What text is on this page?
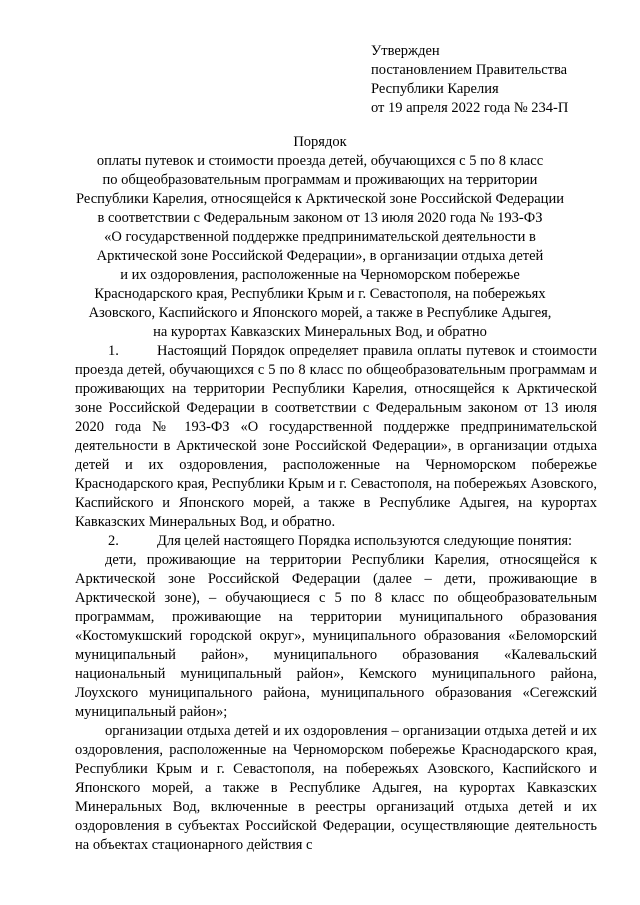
Утвержден
постановлением Правительства
Республики Карелия
от 19 апреля 2022 года № 234-П
Порядок
оплаты путевок и стоимости проезда детей, обучающихся с 5 по 8 класс
по общеобразовательным программам и проживающих на территории
Республики Карелия, относящейся к Арктической зоне Российской Федерации
в соответствии с Федеральным законом от 13 июля 2020 года № 193-ФЗ
«О государственной поддержке предпринимательской деятельности в
Арктической зоне Российской Федерации», в организации отдыха детей
и их оздоровления, расположенные на Черноморском побережье
Краснодарского края, Республики Крым и г. Севастополя, на побережьях
Азовского, Каспийского и Японского морей, а также в Республике Адыгея,
на курортах Кавказских Минеральных Вод, и обратно

1.	Настоящий Порядок определяет правила оплаты путевок и стоимости проезда детей, обучающихся с 5 по 8 класс по общеобразовательным программам и проживающих на территории Республики Карелия, относящейся к Арктической зоне Российской Федерации в соответствии с Федеральным законом от 13 июля 2020 года № 193-ФЗ «О государственной поддержке предпринимательской деятельности в Арктической зоне Российской Федерации», в организации отдыха детей и их оздоровления, расположенные на Черноморском побережье Краснодарского края, Республики Крым и г. Севастополя, на побережьях Азовского, Каспийского и Японского морей, а также в Республике Адыгея, на курортах Кавказских Минеральных Вод, и обратно.

2.	Для целей настоящего Порядка используются следующие понятия:

дети, проживающие на территории Республики Карелия, относящейся к Арктической зоне Российской Федерации (далее – дети, проживающие в Арктической зоне), – обучающиеся с 5 по 8 класс по общеобразовательным программам, проживающие на территории муниципального образования «Костомукшский городской округ», муниципального образования «Беломорский муниципальный район», муниципального образования «Калевальский национальный муниципальный район», Кемского муниципального района, Лоухского муниципального района, муниципального образования «Сегежский муниципальный район»;

организации отдыха детей и их оздоровления – организации отдыха детей и их оздоровления, расположенные на Черноморском побережье Краснодарского края, Республики Крым и г. Севастополя, на побережьях Азовского, Каспийского и Японского морей, а также в Республике Адыгея, на курортах Кавказских Минеральных Вод, включенные в реестры организаций отдыха детей и их оздоровления в субъектах Российской Федерации, осуществляющие деятельность на объектах стационарного действия с
